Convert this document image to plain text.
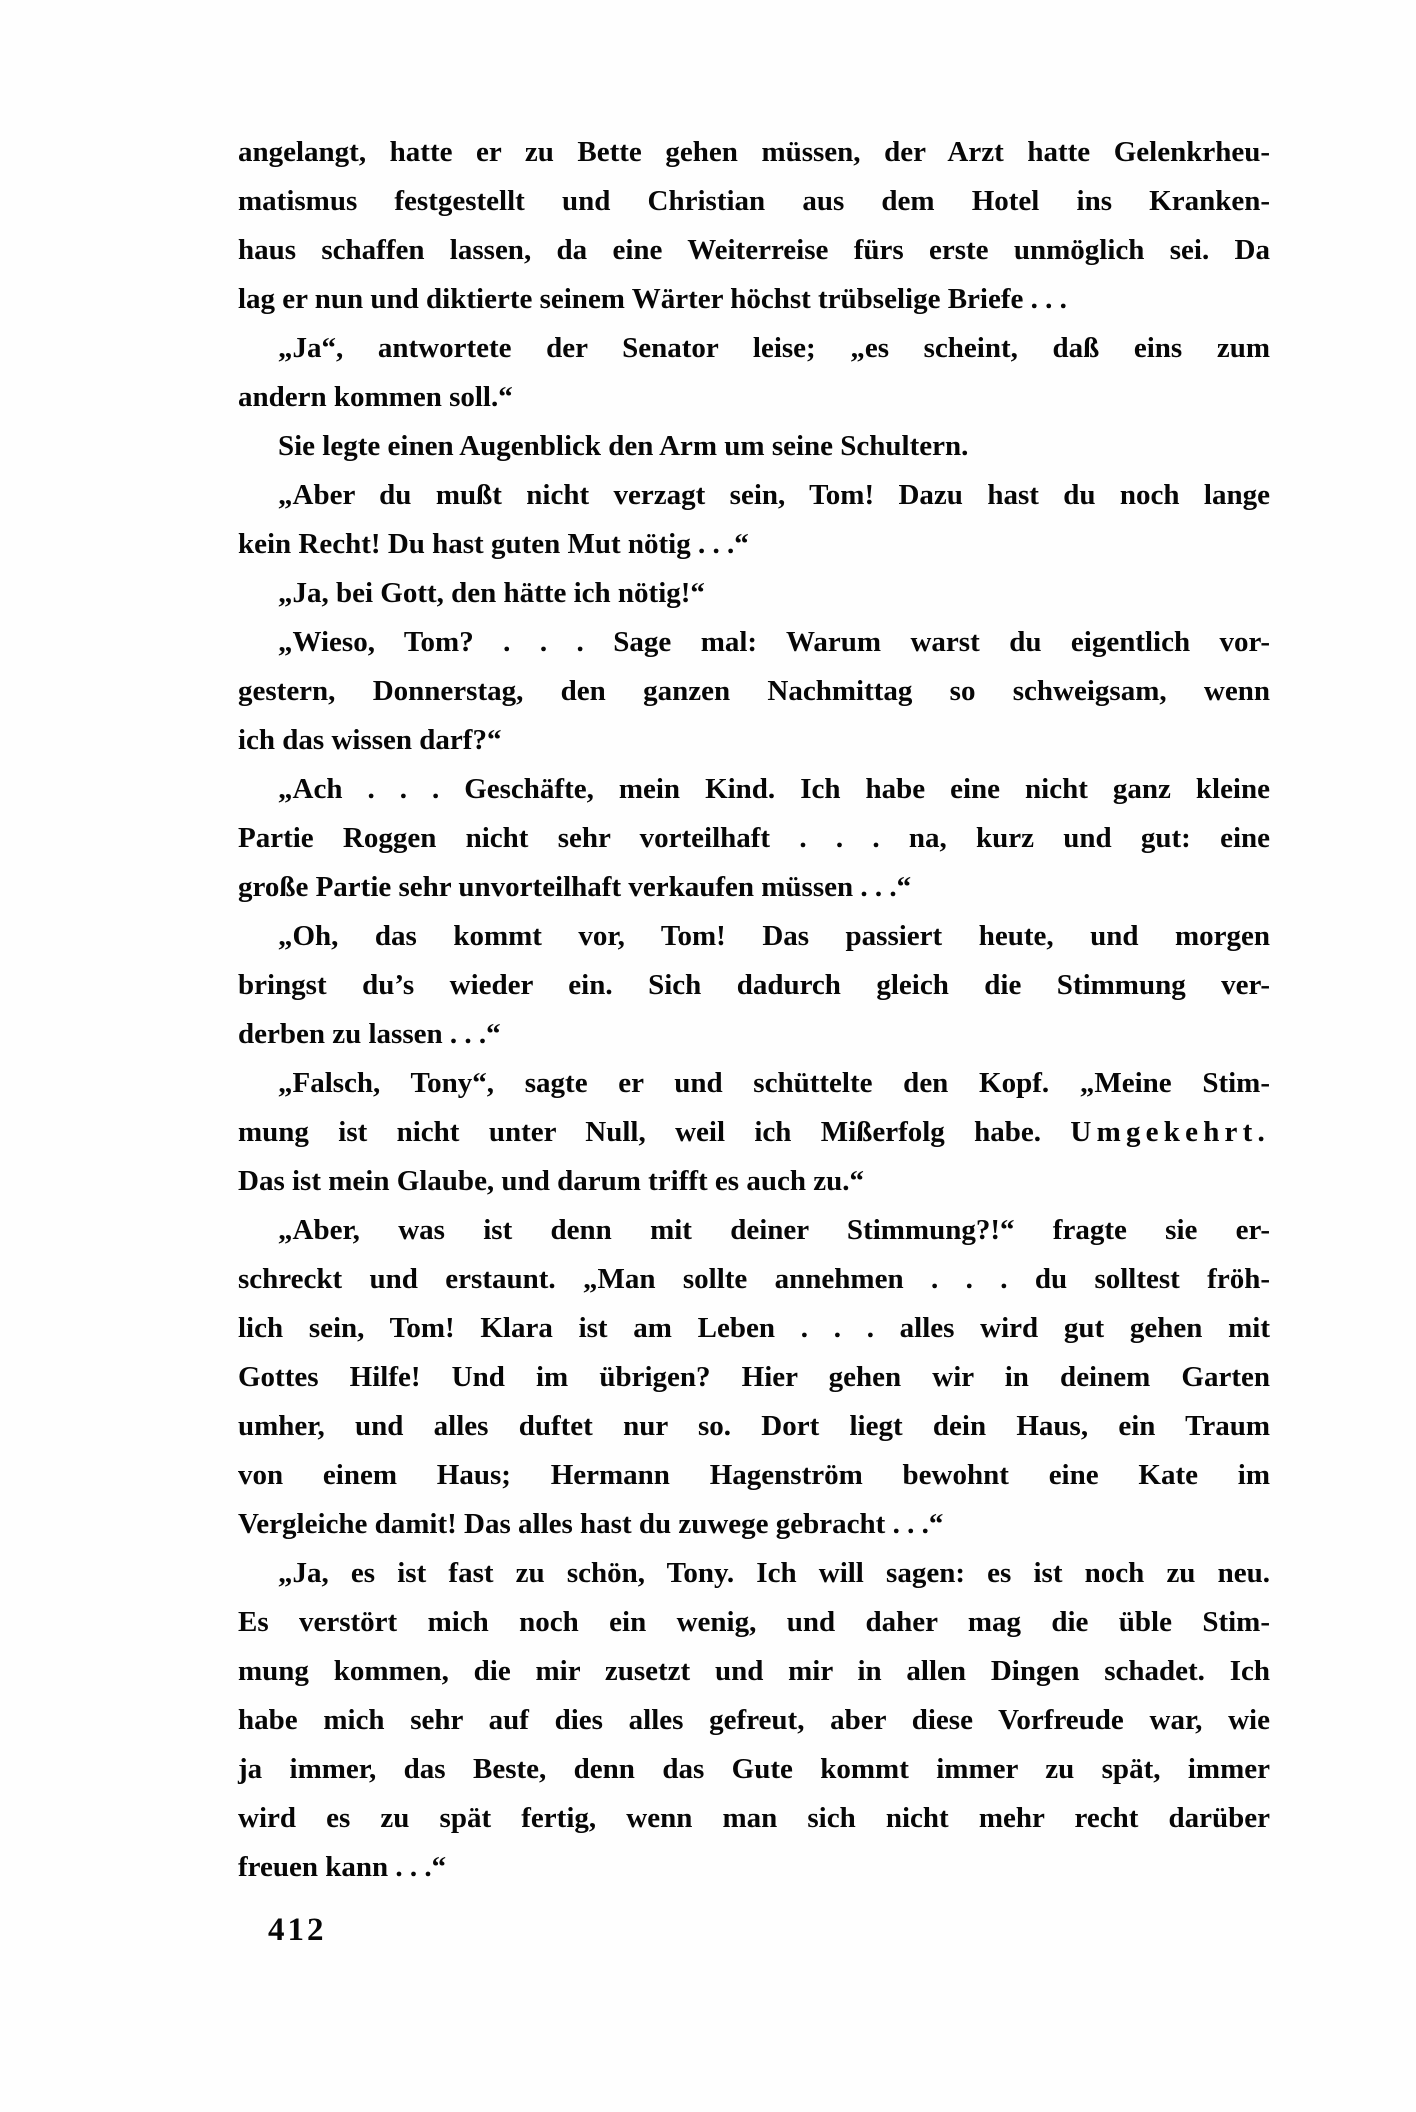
angelangt, hatte er zu Bette gehen müssen, der Arzt hatte Gelenkrheu-
matismus festgestellt und Christian aus dem Hotel ins Kranken-
haus schaffen lassen, da eine Weiterreise fürs erste unmöglich sei. Da
lag er nun und diktierte seinem Wärter höchst trübselige Briefe . . .
„Ja“, antwortete der Senator leise; „es scheint, daß eins zum
andern kommen soll.“
Sie legte einen Augenblick den Arm um seine Schultern.
„Aber du mußt nicht verzagt sein, Tom! Dazu hast du noch lange
kein Recht! Du hast guten Mut nötig . . .“
„Ja, bei Gott, den hätte ich nötig!“
„Wieso, Tom? . . . Sage mal: Warum warst du eigentlich vor-
gestern, Donnerstag, den ganzen Nachmittag so schweigsam, wenn
ich das wissen darf?“
„Ach . . . Geschäfte, mein Kind. Ich habe eine nicht ganz kleine
Partie Roggen nicht sehr vorteilhaft . . . na, kurz und gut: eine
große Partie sehr unvorteilhaft verkaufen müssen . . .“
„Oh, das kommt vor, Tom! Das passiert heute, und morgen
bringst du’s wieder ein. Sich dadurch gleich die Stimmung ver-
derben zu lassen . . .“
„Falsch, Tony“, sagte er und schüttelte den Kopf. „Meine Stim-
mung ist nicht unter Null, weil ich Mißerfolg habe. Umgekehrt.
Das ist mein Glaube, und darum trifft es auch zu.“
„Aber, was ist denn mit deiner Stimmung?!“ fragte sie er-
schreckt und erstaunt. „Man sollte annehmen . . . du solltest fröh-
lich sein, Tom! Klara ist am Leben . . . alles wird gut gehen mit
Gottes Hilfe! Und im übrigen? Hier gehen wir in deinem Garten
umher, und alles duftet nur so. Dort liegt dein Haus, ein Traum
von einem Haus; Hermann Hagenström bewohnt eine Kate im
Vergleiche damit! Das alles hast du zuwege gebracht . . .“
„Ja, es ist fast zu schön, Tony. Ich will sagen: es ist noch zu neu.
Es verstört mich noch ein wenig, und daher mag die üble Stim-
mung kommen, die mir zusetzt und mir in allen Dingen schadet. Ich
habe mich sehr auf dies alles gefreut, aber diese Vorfreude war, wie
ja immer, das Beste, denn das Gute kommt immer zu spät, immer
wird es zu spät fertig, wenn man sich nicht mehr recht darüber
freuen kann . . .“
412
